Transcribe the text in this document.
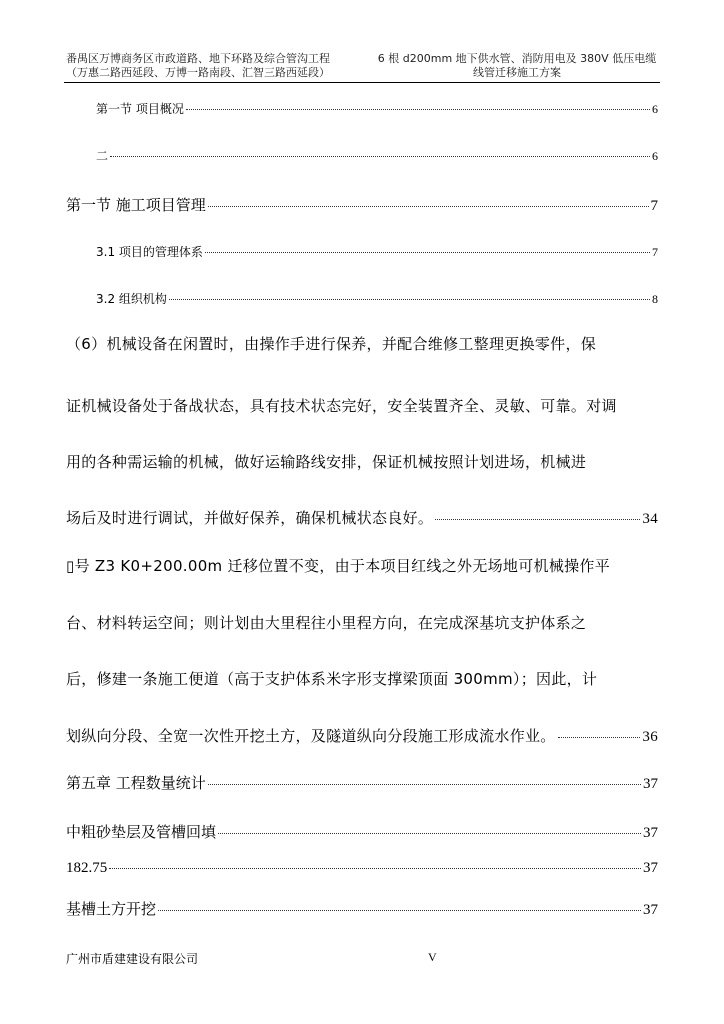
番禺区万博商务区市政道路、地下环路及综合管沟工程
（万惠二路西延段、万博一路南段、汇智三路西延段）
6 根 d200mm 地下供水管、消防用电及 380V 低压电缆
线管迁移施工方案
第一节 项目概况	6
二	6
第一节 施工项目管理	7
3.1 项目的管理体系	7
3.2 组织机构	8
（6）机械设备在闲置时，由操作手进行保养，并配合维修工整理更换零件，保
证机械设备处于备战状态，具有技术状态完好，安全装置齐全、灵敏、可靠。对调
用的各种需运输的机械，做好运输路线安排，保证机械按照计划进场，机械进
场后及时进行调试，并做好保养，确保机械状态良好。	34
▯号 Z3 K0+200.00m 迁移位置不变，由于本项目红线之外无场地可机械操作平
台、材料转运空间；则计划由大里程往小里程方向，在完成深基坑支护体系之
后，修建一条施工便道（高于支护体系米字形支撑梁顶面 300mm）；因此，计
划纵向分段、全宽一次性开挖土方，及隧道纵向分段施工形成流水作业。	36
第五章 工程数量统计	37
中粗砂垫层及管槽回填	37
182.75	37
基槽土方开挖	37
广州市盾建建设有限公司	V
